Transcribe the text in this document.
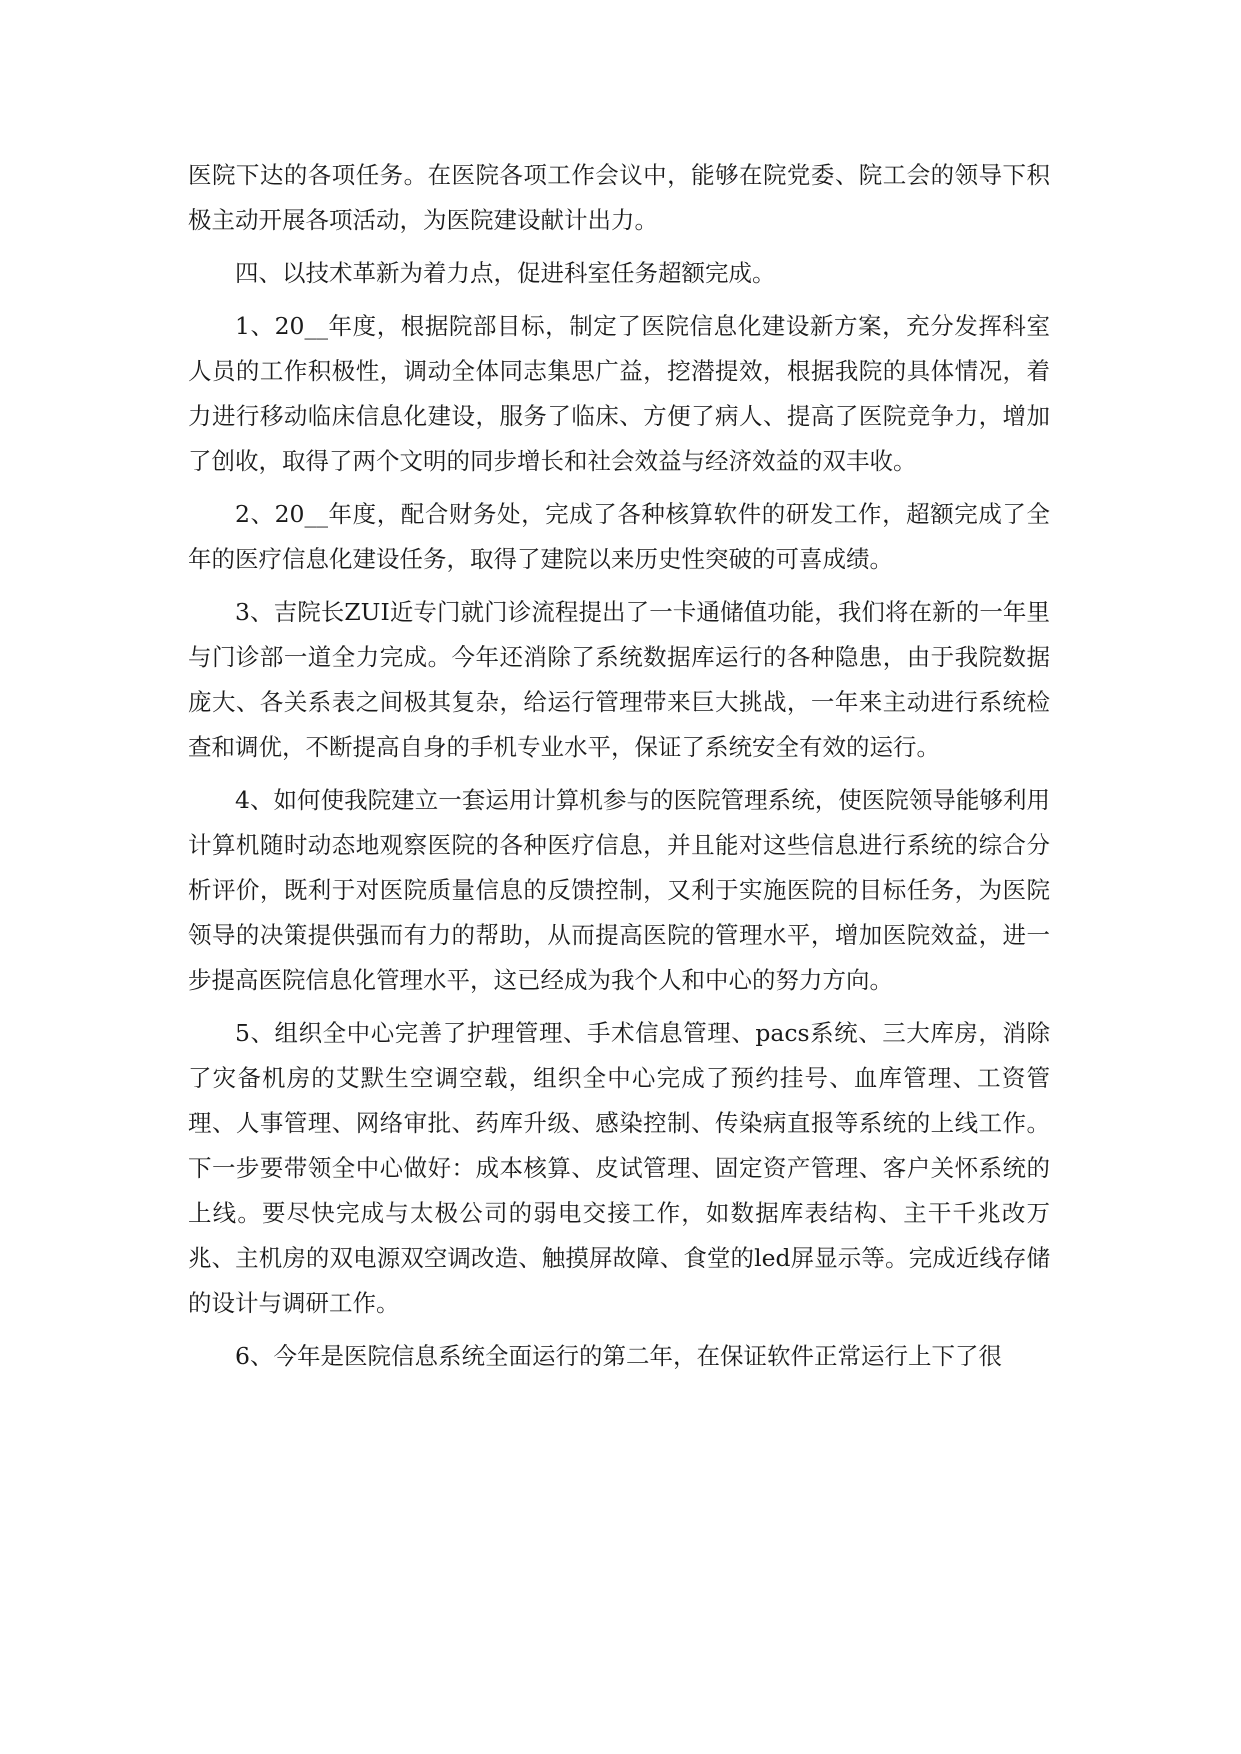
医院下达的各项任务。在医院各项工作会议中，能够在院党委、院工会的领导下积极主动开展各项活动，为医院建设献计出力。

四、以技术革新为着力点，促进科室任务超额完成。

1、20__年度，根据院部目标，制定了医院信息化建设新方案，充分发挥科室人员的工作积极性，调动全体同志集思广益，挖潜提效，根据我院的具体情况，着力进行移动临床信息化建设，服务了临床、方便了病人、提高了医院竞争力，增加了创收，取得了两个文明的同步增长和社会效益与经济效益的双丰收。

2、20__年度，配合财务处，完成了各种核算软件的研发工作，超额完成了全年的医疗信息化建设任务，取得了建院以来历史性突破的可喜成绩。

3、吉院长ZUI近专门就门诊流程提出了一卡通储值功能，我们将在新的一年里与门诊部一道全力完成。今年还消除了系统数据库运行的各种隐患，由于我院数据庞大、各关系表之间极其复杂，给运行管理带来巨大挑战，一年来主动进行系统检查和调优，不断提高自身的手机专业水平，保证了系统安全有效的运行。

4、如何使我院建立一套运用计算机参与的医院管理系统，使医院领导能够利用计算机随时动态地观察医院的各种医疗信息，并且能对这些信息进行系统的综合分析评价，既利于对医院质量信息的反馈控制，又利于实施医院的目标任务，为医院领导的决策提供强而有力的帮助，从而提高医院的管理水平，增加医院效益，进一步提高医院信息化管理水平，这已经成为我个人和中心的努力方向。

5、组织全中心完善了护理管理、手术信息管理、pacs系统、三大库房，消除了灾备机房的艾默生空调空载，组织全中心完成了预约挂号、血库管理、工资管理、人事管理、网络审批、药库升级、感染控制、传染病直报等系统的上线工作。下一步要带领全中心做好：成本核算、皮试管理、固定资产管理、客户关怀系统的上线。要尽快完成与太极公司的弱电交接工作，如数据库表结构、主干千兆改万兆、主机房的双电源双空调改造、触摸屏故障、食堂的led屏显示等。完成近线存储的设计与调研工作。

6、今年是医院信息系统全面运行的第二年，在保证软件正常运行上下了很
